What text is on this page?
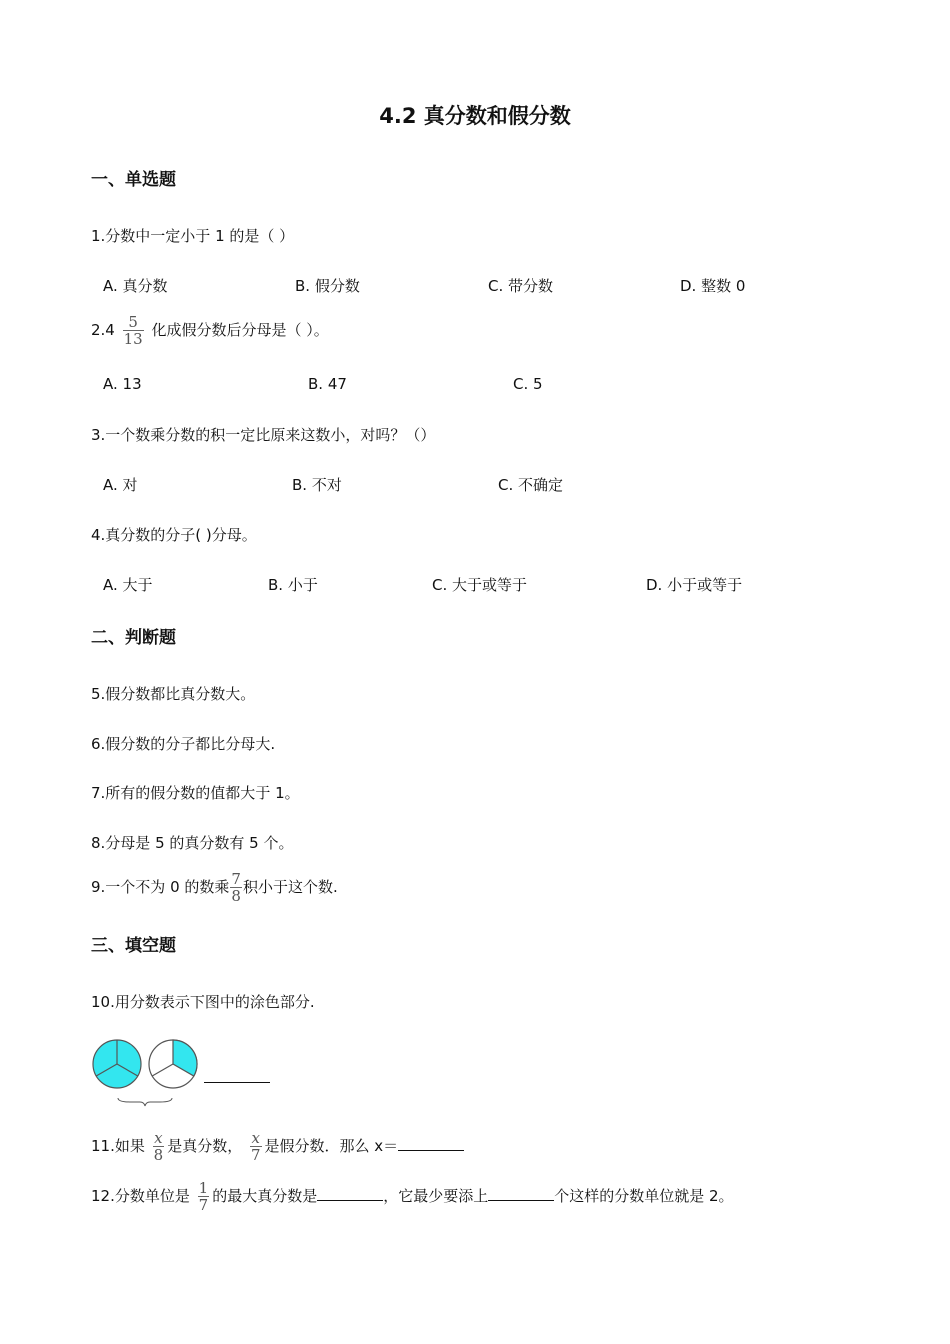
4.2 真分数和假分数
一、单选题
1.分数中一定小于 1 的是（ ）
A. 真分数	B. 假分数	C. 带分数	D. 整数 0
$2.4 \frac{5}{13}$ 化成假分数后分母是（ ）。
A. 13	B. 47	C. 5
3.一个数乘分数的积一定比原来这数小，对吗？（）
A. 对	B. 不对	C. 不确定
4.真分数的分子( )分母。
A. 大于	B. 小于	C. 大于或等于	D. 小于或等于
二、判断题
5.假分数都比真分数大。
6.假分数的分子都比分母大.
7.所有的假分数的值都大于 1。
8.分母是 5 的真分数有 5 个。
9.一个不为 0 的数乘 $\frac{7}{8}$ 积小于这个数.
三、填空题
10.用分数表示下图中的涂色部分.
11.如果 $\frac{x}{8}$ 是真分数， $\frac{x}{7}$ 是假分数．那么 x＝
12.分数单位是 $\frac{1}{7}$ 的最大真分数是	，它最少要添上	个这样的分数单位就是 2。
